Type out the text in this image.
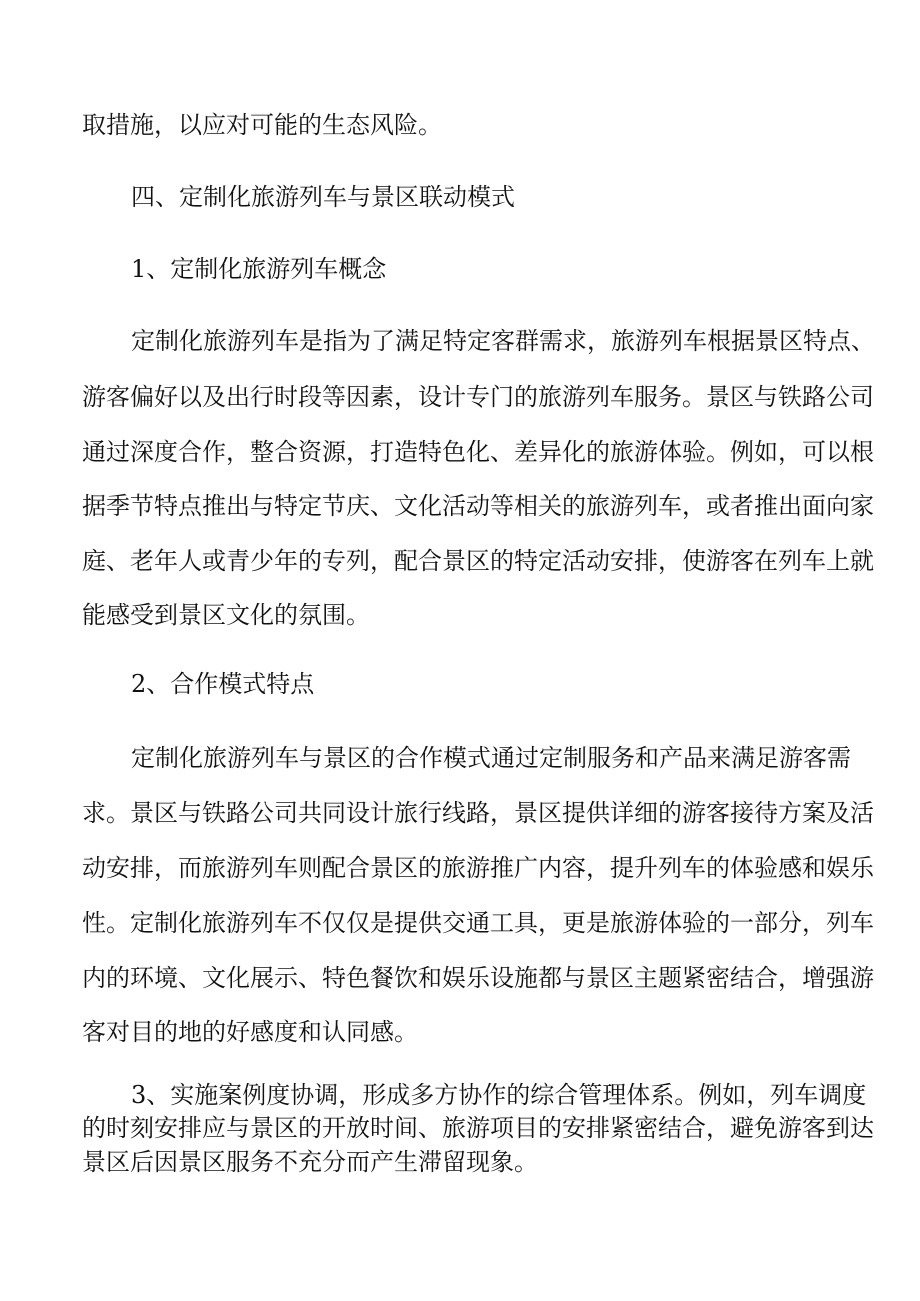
取措施，以应对可能的生态风险。
四、定制化旅游列车与景区联动模式
1、定制化旅游列车概念
定制化旅游列车是指为了满足特定客群需求，旅游列车根据景区特点、
游客偏好以及出行时段等因素，设计专门的旅游列车服务。景区与铁路公司
通过深度合作，整合资源，打造特色化、差异化的旅游体验。例如，可以根
据季节特点推出与特定节庆、文化活动等相关的旅游列车，或者推出面向家
庭、老年人或青少年的专列，配合景区的特定活动安排，使游客在列车上就
能感受到景区文化的氛围。
2、合作模式特点
定制化旅游列车与景区的合作模式通过定制服务和产品来满足游客需
求。景区与铁路公司共同设计旅行线路，景区提供详细的游客接待方案及活
动安排，而旅游列车则配合景区的旅游推广内容，提升列车的体验感和娱乐
性。定制化旅游列车不仅仅是提供交通工具，更是旅游体验的一部分，列车
内的环境、文化展示、特色餐饮和娱乐设施都与景区主题紧密结合，增强游
客对目的地的好感度和认同感。
3、实施案例度协调，形成多方协作的综合管理体系。例如，列车调度
的时刻安排应与景区的开放时间、旅游项目的安排紧密结合，避免游客到达
景区后因景区服务不充分而产生滞留现象。
